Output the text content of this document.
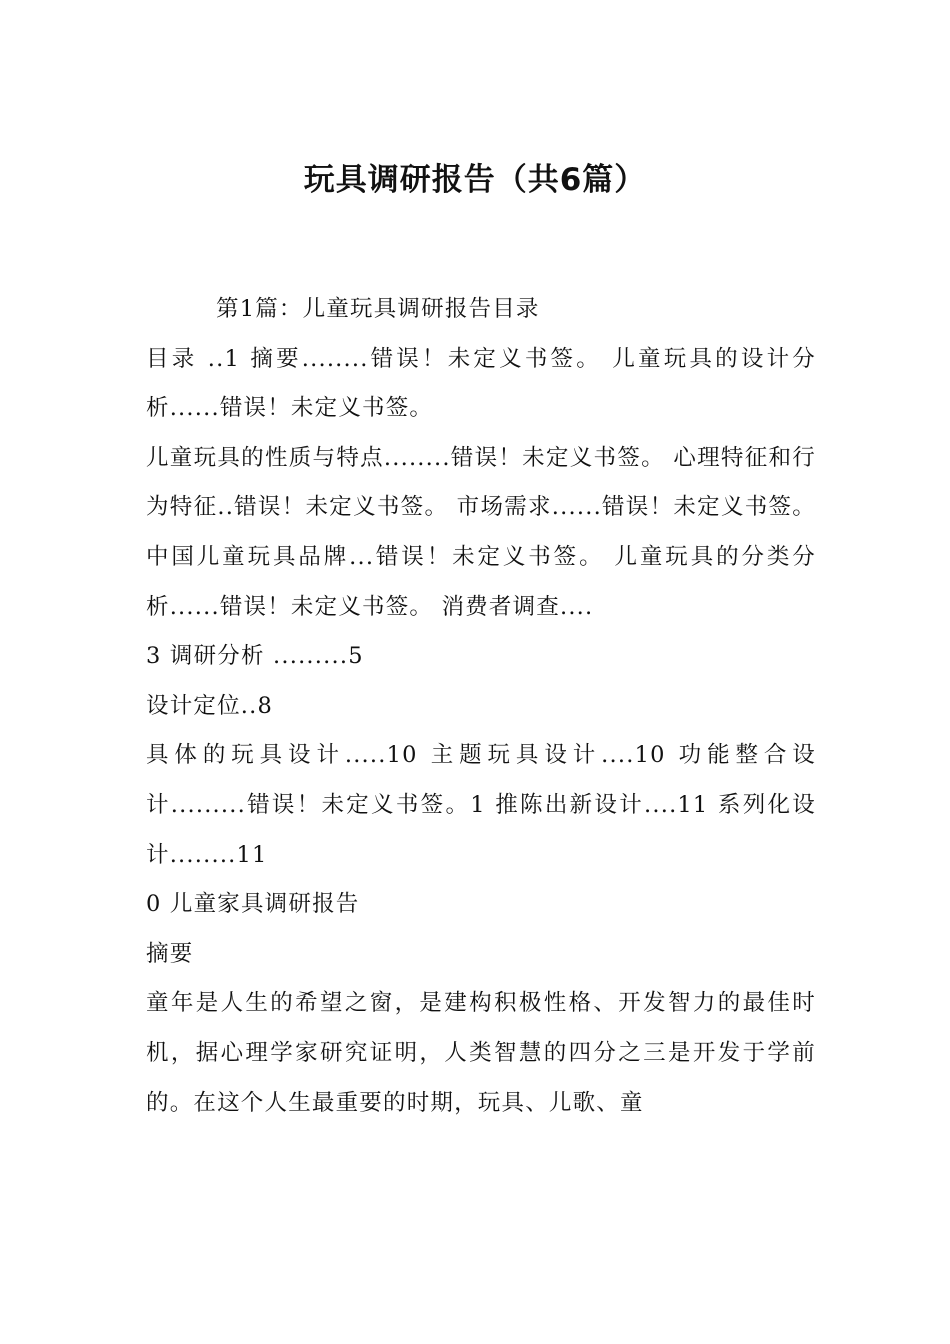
玩具调研报告（共6篇）

第1篇：儿童玩具调研报告目录

目录 ..1 摘要........错误！未定义书签。 儿童玩具的设计分析......错误！未定义书签。

儿童玩具的性质与特点........错误！未定义书签。 心理特征和行为特征..错误！未定义书签。 市场需求......错误！未定义书签。 中国儿童玩具品牌...错误！未定义书签。 儿童玩具的分类分析......错误！未定义书签。 消费者调查....

3 调研分析 .........5

设计定位..8

具体的玩具设计.....10 主题玩具设计....10 功能整合设计.........错误！未定义书签。1 推陈出新设计....11 系列化设计........11

0 儿童家具调研报告

摘要

童年是人生的希望之窗，是建构积极性格、开发智力的最佳时机，据心理学家研究证明，人类智慧的四分之三是开发于学前的。在这个人生最重要的时期，玩具、儿歌、童
